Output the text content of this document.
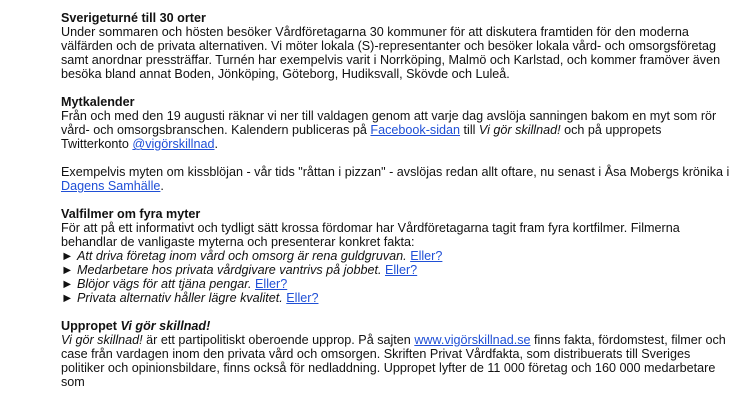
Sverigeturné till 30 orter

Under sommaren och hösten besöker Vårdföretagarna 30 kommuner för att diskutera framtiden för den moderna välfärden och de privata alternativen. Vi möter lokala (S)-representanter och besöker lokala vård- och omsorgsföretag samt anordnar pressträffar. Turnén har exempelvis varit i Norrköping, Malmö och Karlstad, och kommer framöver även besöka bland annat Boden, Jönköping, Göteborg, Hudiksvall, Skövde och Luleå.

Mytkalender

Från och med den 19 augusti räknar vi ner till valdagen genom att varje dag avslöja sanningen bakom en myt som rör vård- och omsorgsbranschen. Kalendern publiceras på Facebook-sidan till Vi gör skillnad! och på uppropets Twitterkonto @vigörskillnad.

Exempelvis myten om kissblöjan - vår tids "råttan i pizzan" - avslöjas redan allt oftare, nu senast i Åsa Mobergs krönika i Dagens Samhälle.

Valfilmer om fyra myter

För att på ett informativt och tydligt sätt krossa fördomar har Vårdföretagarna tagit fram fyra kortfilmer. Filmerna behandlar de vanligaste myterna och presenterar konkret fakta:

► Att driva företag inom vård och omsorg är rena guldgruvan. Eller?
► Medarbetare hos privata vårdgivare vantrivs på jobbet. Eller?
► Blöjor vägs för att tjäna pengar. Eller?
► Privata alternativ håller lägre kvalitet. Eller?
Uppropet Vi gör skillnad!

Vi gör skillnad! är ett partipolitiskt oberoende upprop. På sajten www.vigörskillnad.se finns fakta, fördomstest, filmer och case från vardagen inom den privata vård och omsorgen. Skriften Privat Vårdfakta, som distribuerats till Sveriges politiker och opinionsbildare, finns också för nedladdning. Uppropet lyfter de 11 000 företag och 160 000 medarbetare som
